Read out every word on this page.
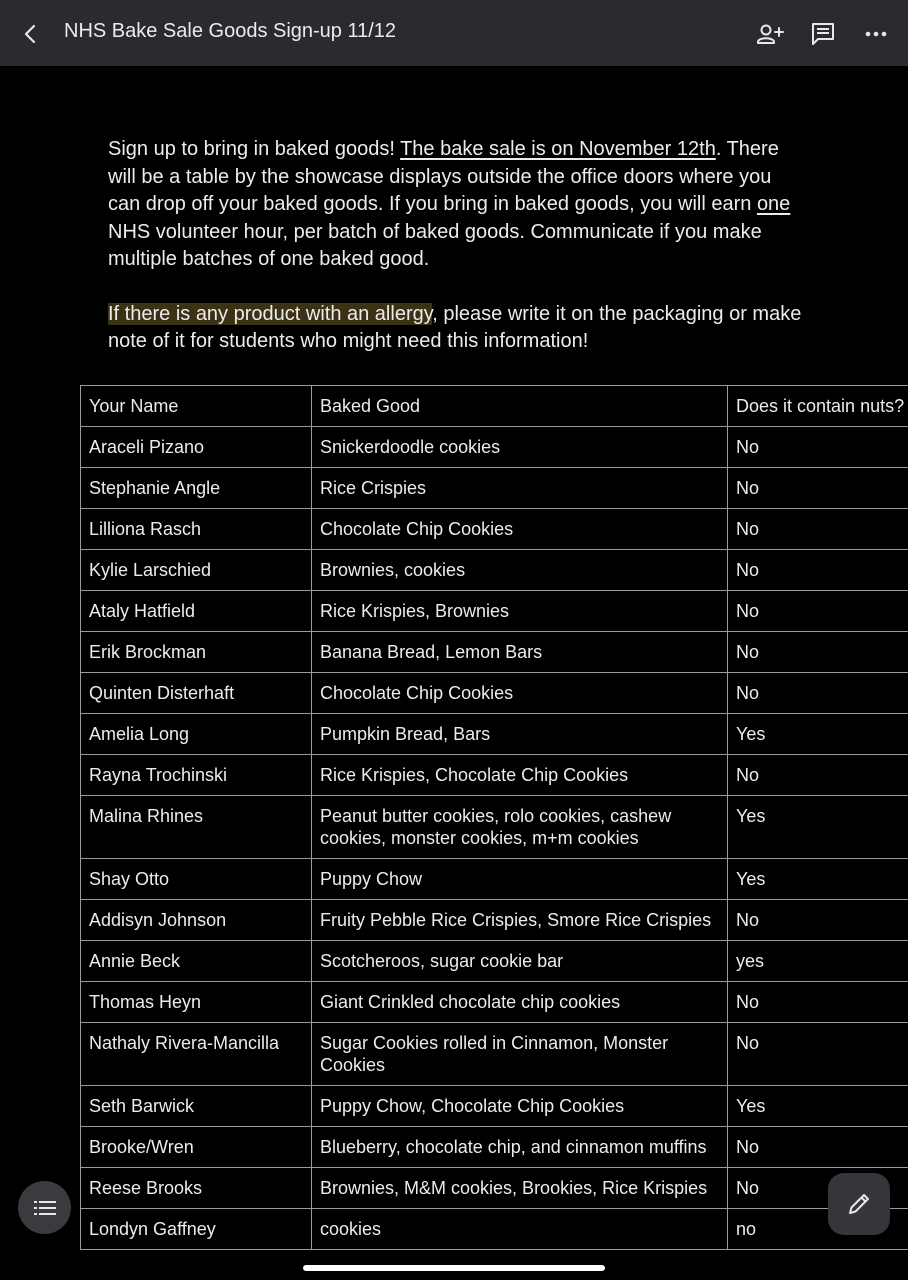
NHS Bake Sale Goods Sign-up 11/12

Sign up to bring in baked goods! The bake sale is on November 12th. There will be a table by the showcase displays outside the office doors where you can drop off your baked goods. If you bring in baked goods, you will earn one NHS volunteer hour, per batch of baked goods. Communicate if you make multiple batches of one baked good.

If there is any product with an allergy, please write it on the packaging or make note of it for students who might need this information!

Your Name	Baked Good	Does it contain nuts?
Araceli Pizano	Snickerdoodle cookies	No
Stephanie Angle	Rice Crispies	No
Lilliona Rasch	Chocolate Chip Cookies	No
Kylie Larschied	Brownies, cookies	No
Ataly Hatfield	Rice Krispies, Brownies	No
Erik Brockman	Banana Bread, Lemon Bars	No
Quinten Disterhaft	Chocolate Chip Cookies	No
Amelia Long	Pumpkin Bread, Bars	Yes
Rayna Trochinski	Rice Krispies, Chocolate Chip Cookies	No
Malina Rhines	Peanut butter cookies, rolo cookies, cashew cookies, monster cookies, m+m cookies	Yes
Shay Otto	Puppy Chow	Yes
Addisyn Johnson	Fruity Pebble Rice Crispies, Smore Rice Crispies	No
Annie Beck	Scotcheroos, sugar cookie bar	yes
Thomas Heyn	Giant Crinkled chocolate chip cookies	No
Nathaly Rivera-Mancilla	Sugar Cookies rolled in Cinnamon, Monster Cookies	No
Seth Barwick	Puppy Chow, Chocolate Chip Cookies	Yes
Brooke/Wren	Blueberry, chocolate chip, and cinnamon muffins	No
Reese Brooks	Brownies, M&M cookies, Brookies, Rice Krispies	No
Londyn Gaffney	cookies	no
